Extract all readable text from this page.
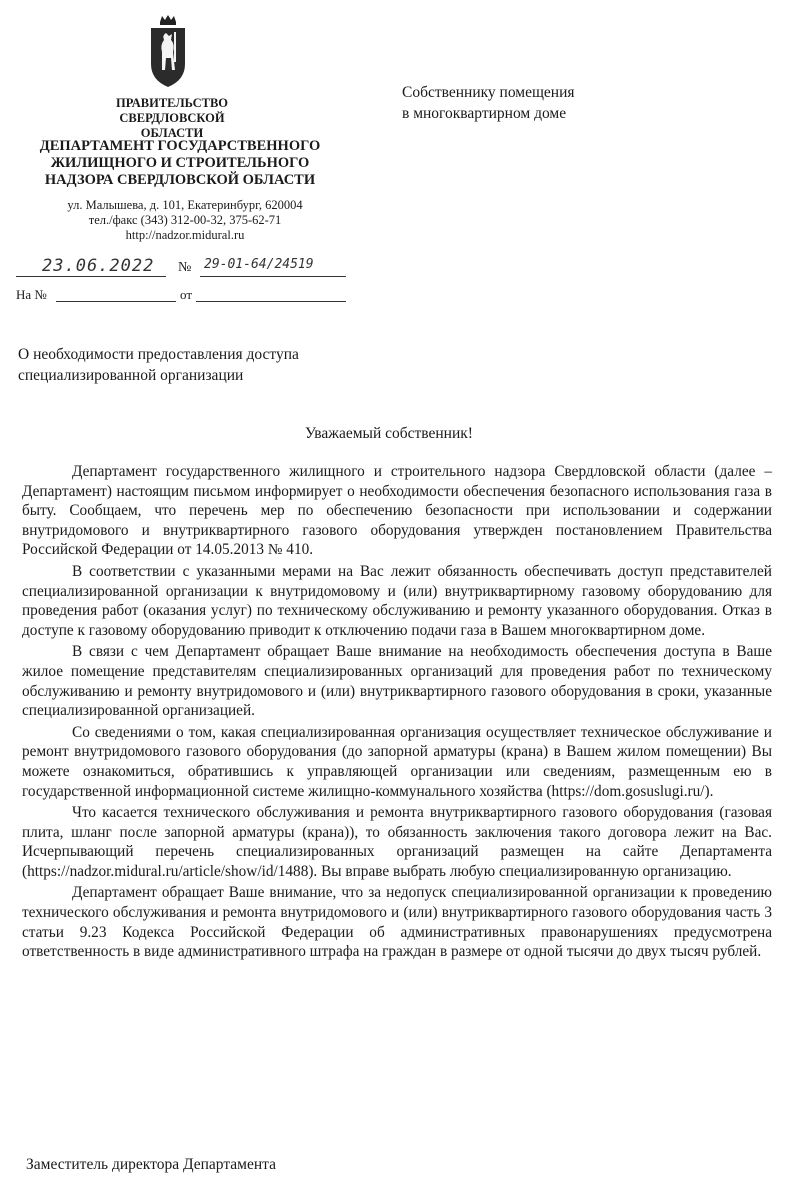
ПРАВИТЕЛЬСТВО
СВЕРДЛОВСКОЙ ОБЛАСТИ
ДЕПАРТАМЕНТ ГОСУДАРСТВЕННОГО
ЖИЛИЩНОГО И СТРОИТЕЛЬНОГО
НАДЗОРА СВЕРДЛОВСКОЙ ОБЛАСТИ
ул. Малышева, д. 101, Екатеринбург, 620004
тел./факс (343) 312-00-32, 375-62-71
http://nadzor.midural.ru
Собственнику помещения
в многоквартирном доме
23.06.2022 № 29-01-64/24519
На №	от
О необходимости предоставления доступа
специализированной организации
Уважаемый собственник!

Департамент государственного жилищного и строительного надзора Свердловской области (далее – Департамент) настоящим письмом информирует о необходимости обеспечения безопасного использования газа в быту. Сообщаем, что перечень мер по обеспечению безопасности при использовании и содержании внутридомового и внутриквартирного газового оборудования утвержден постановлением Правительства Российской Федерации от 14.05.2013 № 410.

В соответствии с указанными мерами на Вас лежит обязанность обеспечивать доступ представителей специализированной организации к внутридомовому и (или) внутриквартирному газовому оборудованию для проведения работ (оказания услуг) по техническому обслуживанию и ремонту указанного оборудования. Отказ в доступе к газовому оборудованию приводит к отключению подачи газа в Вашем многоквартирном доме.

В связи с чем Департамент обращает Ваше внимание на необходимость обеспечения доступа в Ваше жилое помещение представителям специализированных организаций для проведения работ по техническому обслуживанию и ремонту внутридомового и (или) внутриквартирного газового оборудования в сроки, указанные специализированной организацией.

Со сведениями о том, какая специализированная организация осуществляет техническое обслуживание и ремонт внутридомового газового оборудования (до запорной арматуры (крана) в Вашем жилом помещении) Вы можете ознакомиться, обратившись к управляющей организации или сведениям, размещенным ею в государственной информационной системе жилищно-коммунального хозяйства (https://dom.gosuslugi.ru/).

Что касается технического обслуживания и ремонта внутриквартирного газового оборудования (газовая плита, шланг после запорной арматуры (крана)), то обязанность заключения такого договора лежит на Вас. Исчерпывающий перечень специализированных организаций размещен на сайте Департамента (https://nadzor.midural.ru/article/show/id/1488). Вы вправе выбрать любую специализированную организацию.

Департамент обращает Ваше внимание, что за недопуск специализированной организации к проведению технического обслуживания и ремонта внутридомового и (или) внутриквартирного газового оборудования часть 3 статьи 9.23 Кодекса Российской Федерации об административных правонарушениях предусмотрена ответственность в виде административного штрафа на граждан в размере от одной тысячи до двух тысяч рублей.

Заместитель директора Департамента
